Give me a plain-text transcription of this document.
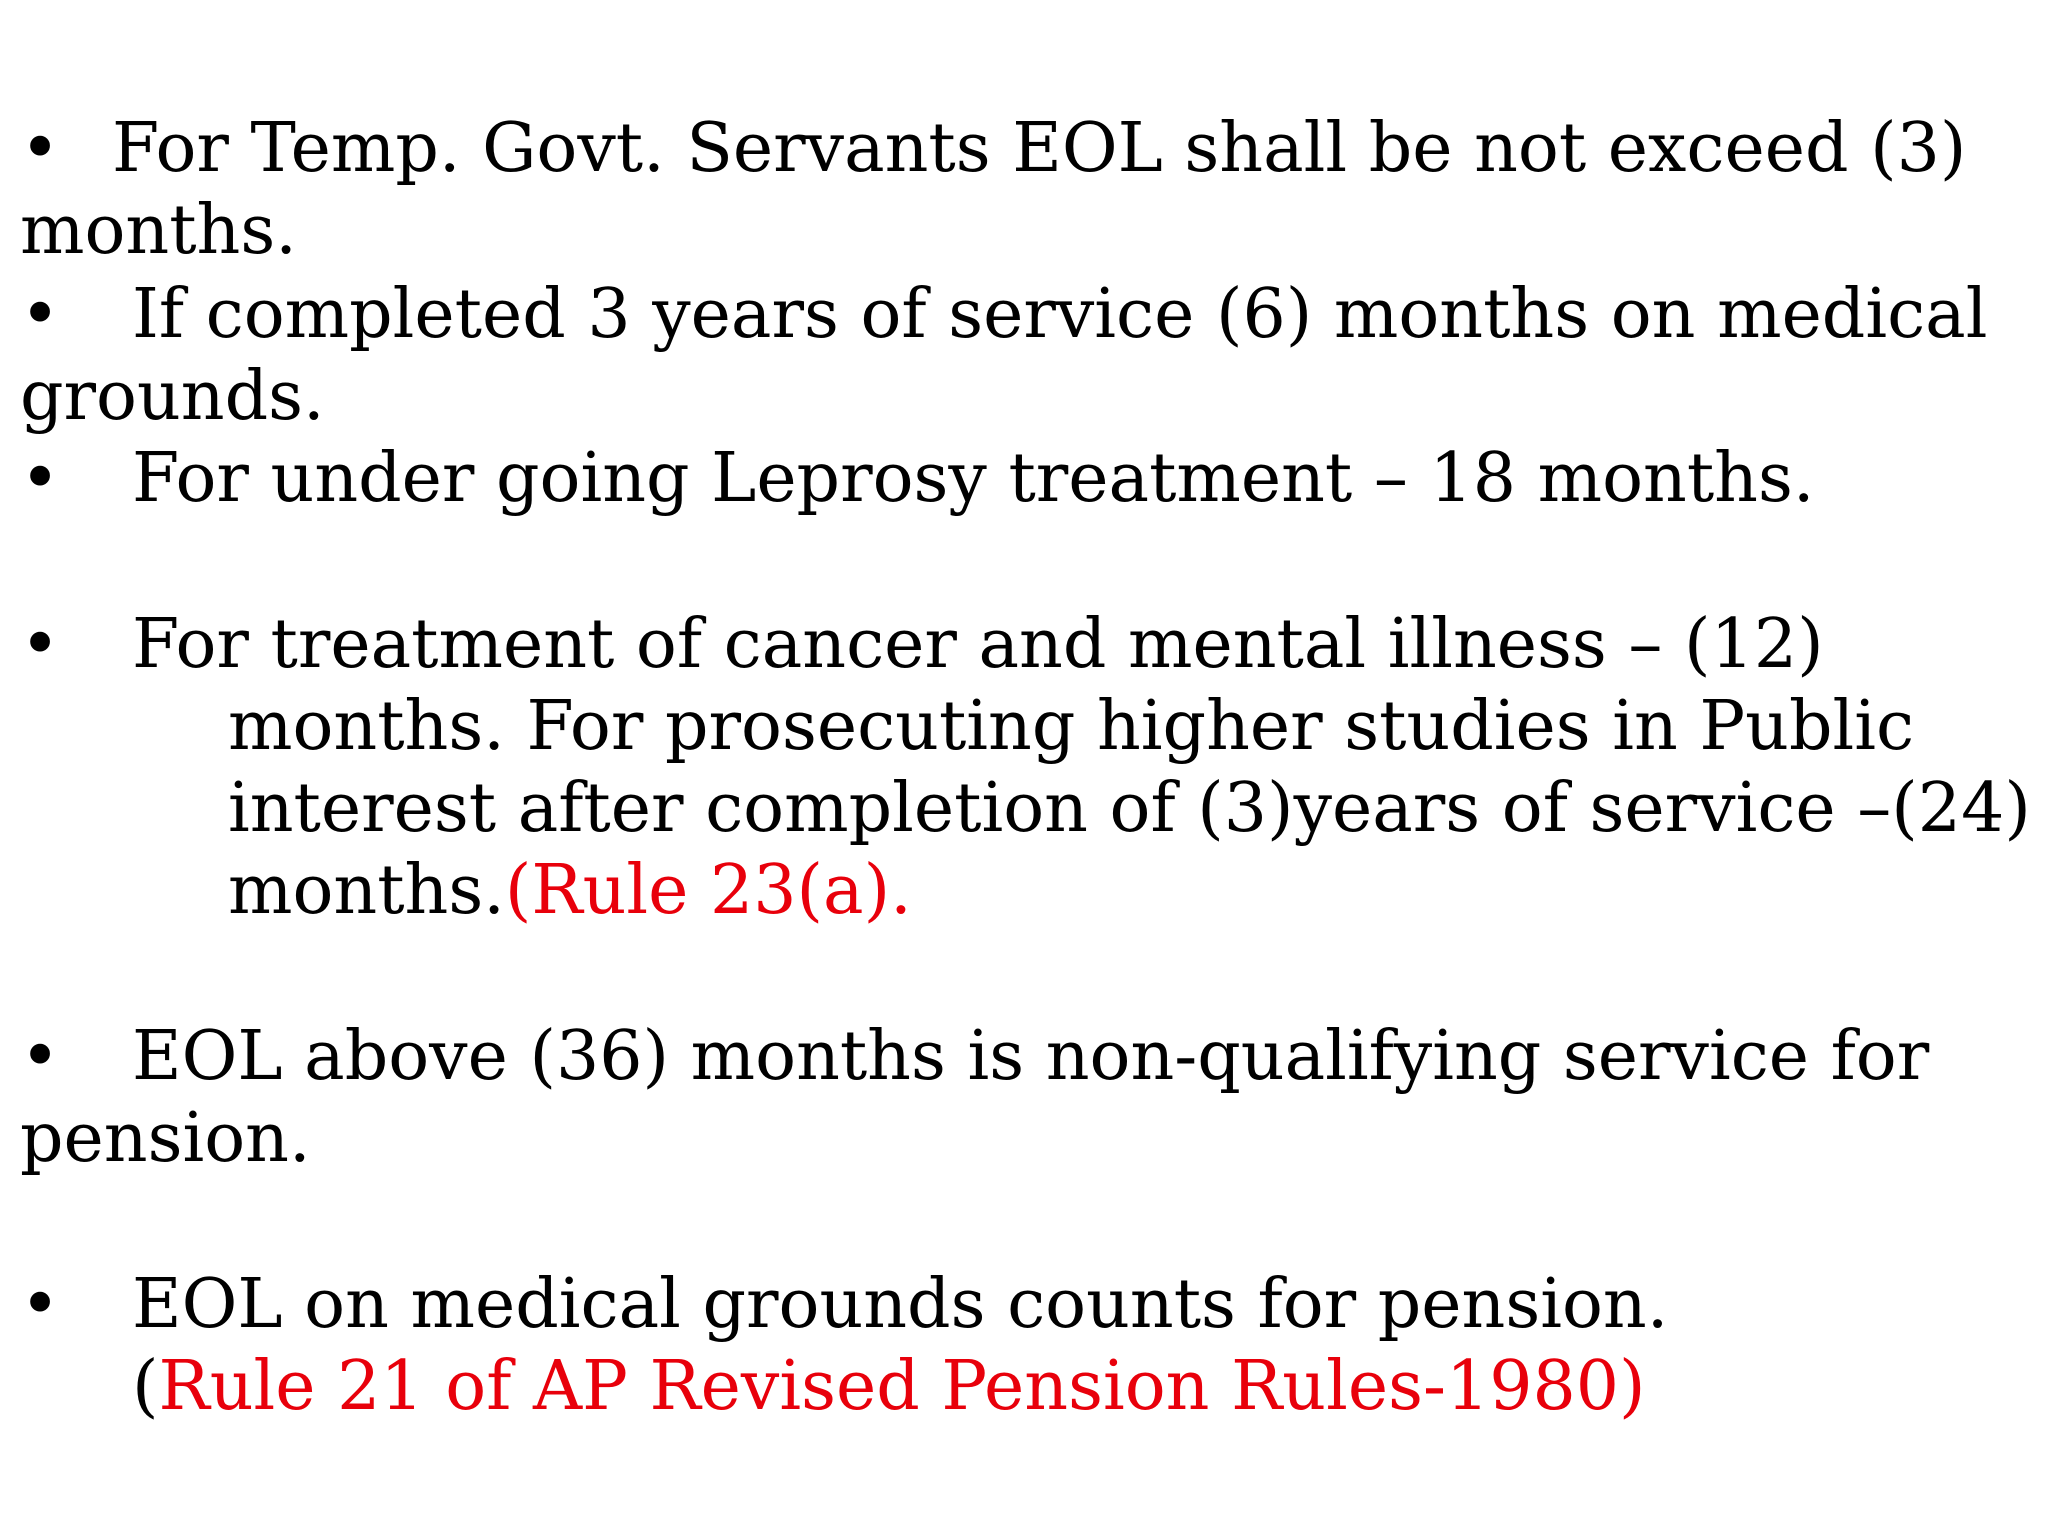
• For Temp. Govt. Servants EOL shall be not exceed (3)
months.
• If completed 3 years of service (6) months on medical
grounds.
• For under going Leprosy treatment – 18 months.
• For treatment of cancer and mental illness – (12)
months. For prosecuting higher studies in Public
interest after completion of (3)years of service –(24)
months.(Rule 23(a).
• EOL above (36) months is non-qualifying service for
pension.
• EOL on medical grounds counts for pension.
(Rule 21 of AP Revised Pension Rules-1980)
